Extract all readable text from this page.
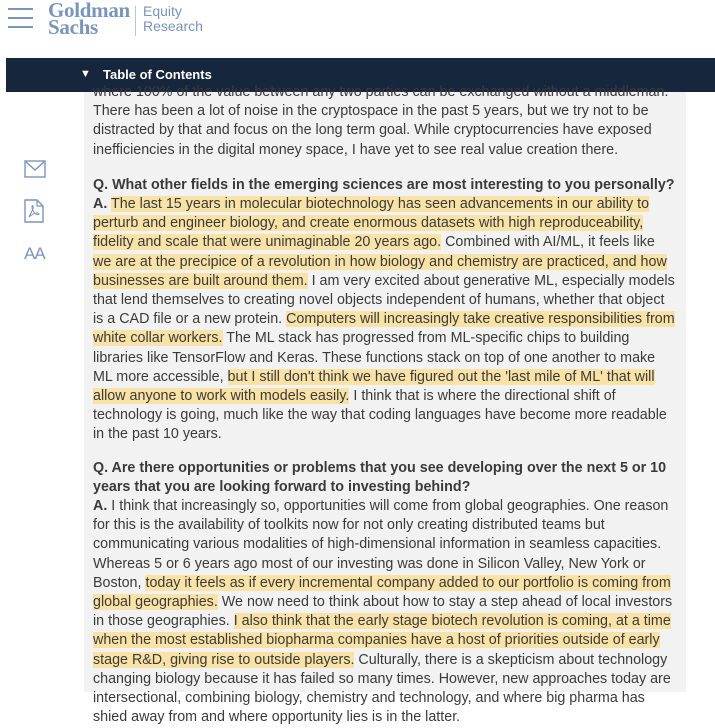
Goldman
Sachs
Equity
Research
▼ Table of Contents
AA

where 100% of the value between any two parties can be exchanged without a middleman. There has been a lot of noise in the cryptospace in the past 5 years, but we try not to be distracted by that and focus on the long term goal. While cryptocurrencies have exposed inefficiencies in the digital money space, I have yet to see real value creation there.

Q. What other fields in the emerging sciences are most interesting to you personally?
A. The last 15 years in molecular biotechnology has seen advancements in our ability to perturb and engineer biology, and create enormous datasets with high reproduceability, fidelity and scale that were unimaginable 20 years ago. Combined with AI/ML, it feels like we are at the precipice of a revolution in how biology and chemistry are practiced, and how businesses are built around them. I am very excited about generative ML, especially models that lend themselves to creating novel objects independent of humans, whether that object is a CAD file or a new protein. Computers will increasingly take creative responsibilities from white collar workers. The ML stack has progressed from ML-specific chips to building libraries like TensorFlow and Keras. These functions stack on top of one another to make ML more accessible, but I still don't think we have figured out the 'last mile of ML' that will allow anyone to work with models easily. I think that is where the directional shift of technology is going, much like the way that coding languages have become more readable in the past 10 years.

Q. Are there opportunities or problems that you see developing over the next 5 or 10 years that you are looking forward to investing behind?
A. I think that increasingly so, opportunities will come from global geographies. One reason for this is the availability of toolkits now for not only creating distributed teams but communicating various modalities of high-dimensional information in seamless capacities. Whereas 5 or 6 years ago most of our investing was done in Silicon Valley, New York or Boston, today it feels as if every incremental company added to our portfolio is coming from global geographies. We now need to think about how to stay a step ahead of local investors in those geographies. I also think that the early stage biotech revolution is coming, at a time when the most established biopharma companies have a host of priorities outside of early stage R&D, giving rise to outside players. Culturally, there is a skepticism about technology changing biology because it has failed so many times. However, new approaches today are intersectional, combining biology, chemistry and technology, and where big pharma has shied away from and where opportunity lies is in the latter.
